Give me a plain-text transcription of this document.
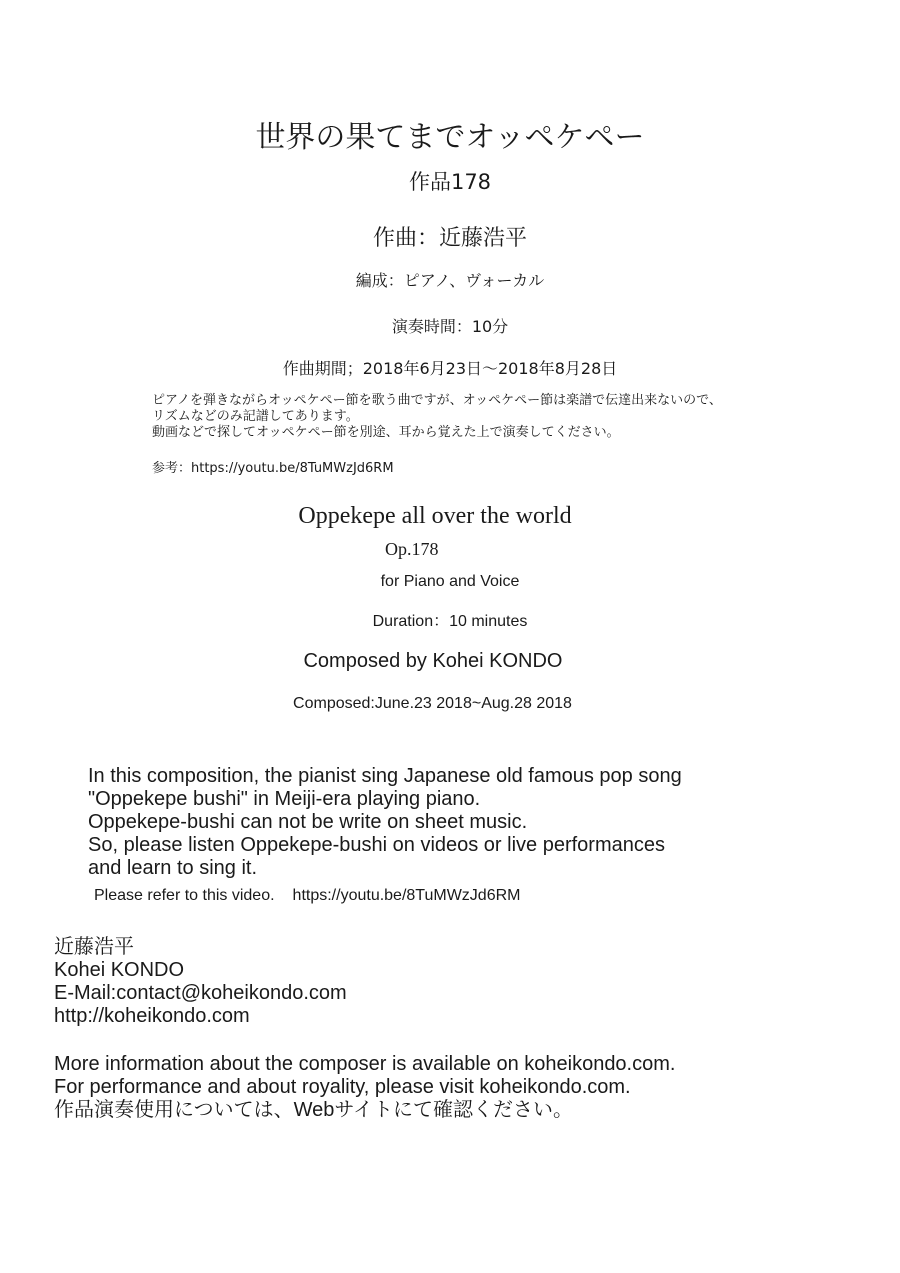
世界の果てまでオッペケペー
作品178
作曲：近藤浩平
編成：ピアノ、ヴォーカル
演奏時間：10分
作曲期間；2018年6月23日〜2018年8月28日
ピアノを弾きながらオッペケペー節を歌う曲ですが、オッペケペー節は楽譜で伝達出来ないので、
リズムなどのみ記譜してあります。
動画などで探してオッペケペー節を別途、耳から覚えた上で演奏してください。
参考：https://youtu.be/8TuMWzJd6RM
Oppekepe all over the world
Op.178
for Piano and Voice
Duration：10 minutes
Composed by Kohei KONDO
Composed:June.23 2018~Aug.28 2018
In this composition, the pianist sing Japanese old famous pop song
"Oppekepe bushi" in Meiji-era playing piano.
Oppekepe-bushi can not be write on sheet music.
So, please listen Oppekepe-bushi on videos or live performances
and learn to sing it.
Please refer to this video. https://youtu.be/8TuMWzJd6RM
近藤浩平
Kohei KONDO
E-Mail:contact@koheikondo.com
http://koheikondo.com
More information about the composer is available on koheikondo.com.
For performance and about royality, please visit koheikondo.com.
作品演奏使用については、Webサイトにて確認ください。
